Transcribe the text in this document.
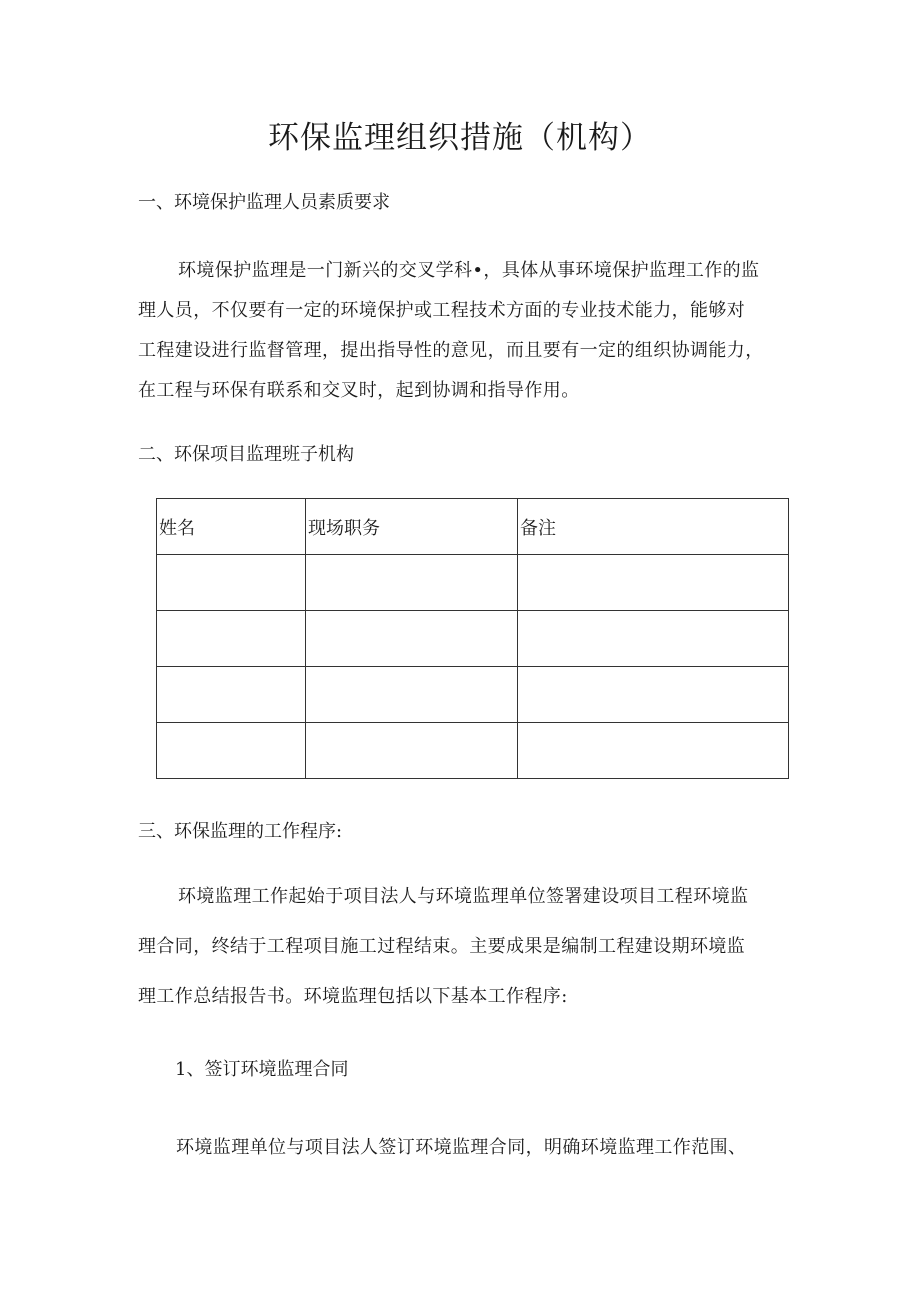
环保监理组织措施（机构）
一、环境保护监理人员素质要求
环境保护监理是一门新兴的交叉学科•，具体从事环境保护监理工作的监
理人员，不仅要有一定的环境保护或工程技术方面的专业技术能力，能够对
工程建设进行监督管理，提出指导性的意见，而且要有一定的组织协调能力，
在工程与环保有联系和交叉时，起到协调和指导作用。
二、环保项目监理班子机构
姓名	现场职务	备注

三、环保监理的工作程序:
环境监理工作起始于项目法人与环境监理单位签署建设项目工程环境监
理合同，终结于工程项目施工过程结束。主要成果是编制工程建设期环境监
理工作总结报告书。环境监理包括以下基本工作程序:
1、签订环境监理合同
环境监理单位与项目法人签订环境监理合同，明确环境监理工作范围、
